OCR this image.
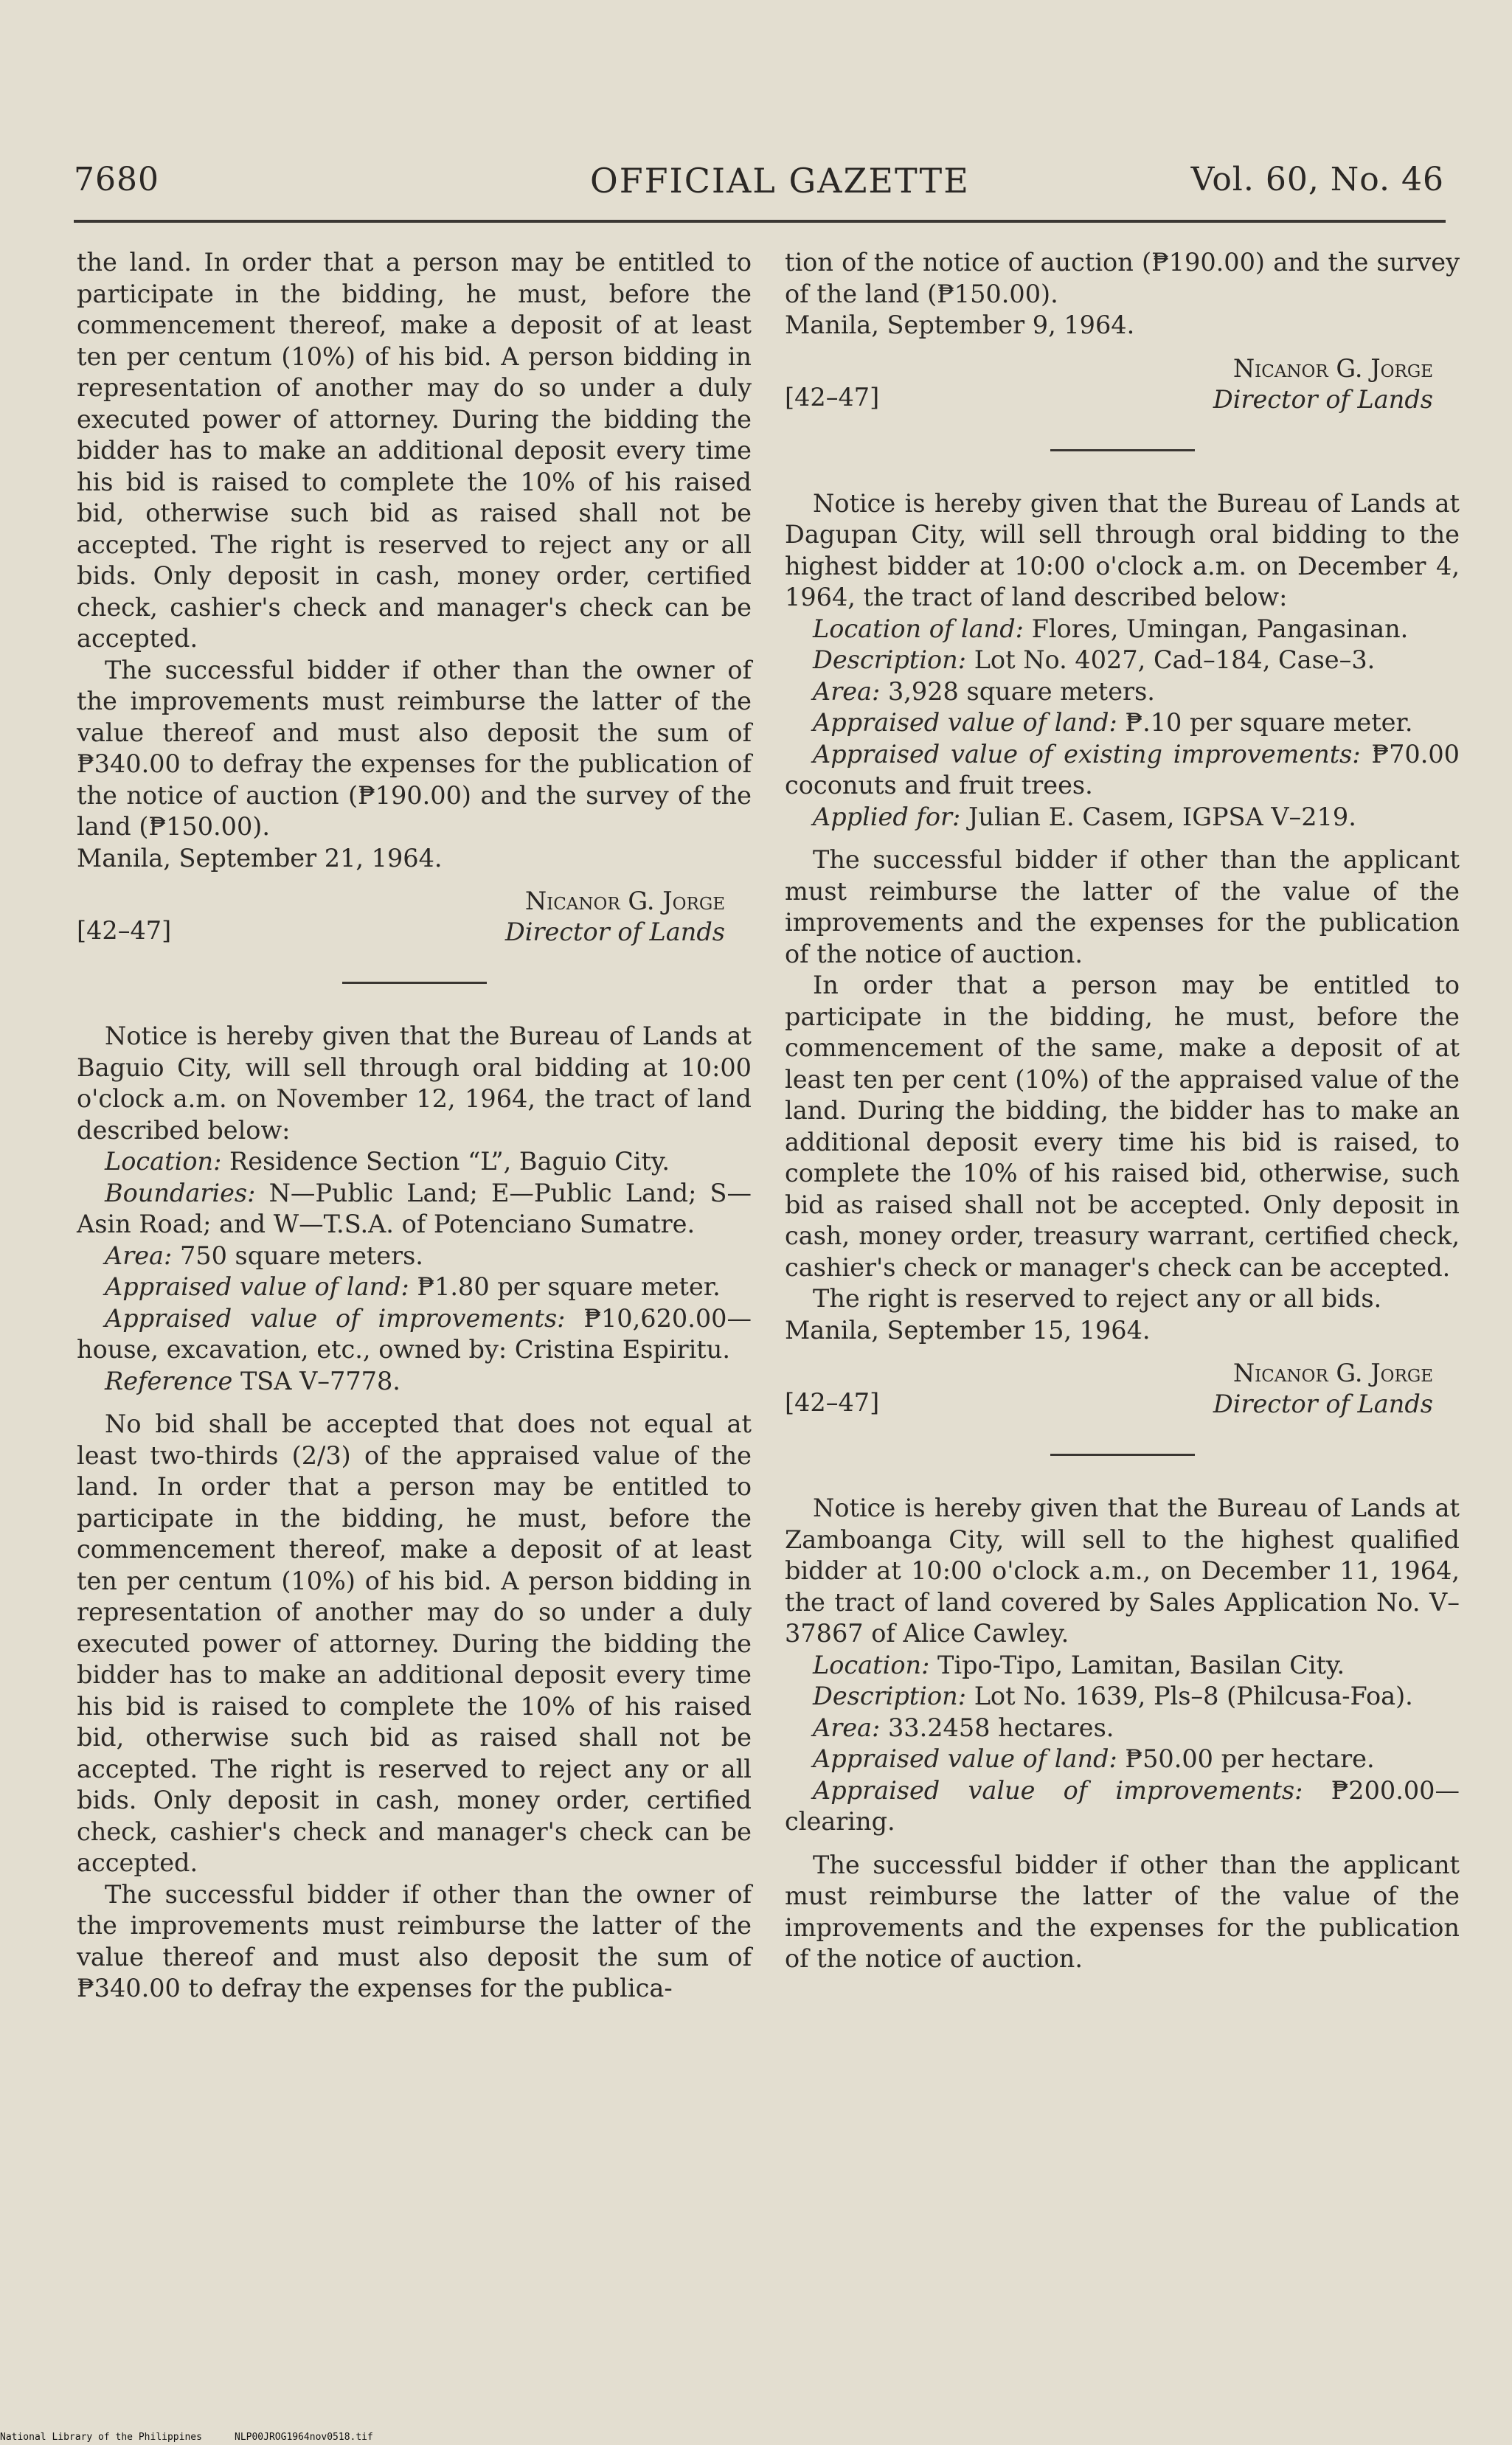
7680	OFFICIAL GAZETTE	Vol. 60, No. 46

the land. In order that a person may be entitled to participate in the bidding, he must, before the commencement thereof, make a deposit of at least ten per centum (10%) of his bid. A person bidding in representation of another may do so under a duly executed power of attorney. During the bidding the bidder has to make an additional deposit every time his bid is raised to complete the 10% of his raised bid, otherwise such bid as raised shall not be accepted. The right is reserved to reject any or all bids. Only deposit in cash, money order, certified check, cashier's check and manager's check can be accepted.

The successful bidder if other than the owner of the improvements must reimburse the latter of the value thereof and must also deposit the sum of ₱340.00 to defray the expenses for the publication of the notice of auction (₱190.00) and the survey of the land (₱150.00).

Manila, September 21, 1964.

[42–47]
Nicanor G. Jorge
Director of Lands

Notice is hereby given that the Bureau of Lands at Baguio City, will sell through oral bidding at 10:00 o'clock a.m. on November 12, 1964, the tract of land described below:

Location: Residence Section “L”, Baguio City.

Boundaries: N—Public Land; E—Public Land; S—Asin Road; and W—T.S.A. of Potenciano Sumatre.

Area: 750 square meters.

Appraised value of land: ₱1.80 per square meter.

Appraised value of improvements: ₱10,620.00—house, excavation, etc., owned by: Cristina Espiritu.

Reference TSA V–7778.

No bid shall be accepted that does not equal at least two-thirds (2/3) of the appraised value of the land. In order that a person may be entitled to participate in the bidding, he must, before the commencement thereof, make a deposit of at least ten per centum (10%) of his bid. A person bidding in representation of another may do so under a duly executed power of attorney. During the bidding the bidder has to make an additional deposit every time his bid is raised to complete the 10% of his raised bid, otherwise such bid as raised shall not be accepted. The right is reserved to reject any or all bids. Only deposit in cash, money order, certified check, cashier's check and manager's check can be accepted.

The successful bidder if other than the owner of the improvements must reimburse the latter of the value thereof and must also deposit the sum of ₱340.00 to defray the expenses for the publica-

tion of the notice of auction (₱190.00) and the survey of the land (₱150.00).

Manila, September 9, 1964.

[42–47]
Nicanor G. Jorge
Director of Lands

Notice is hereby given that the Bureau of Lands at Dagupan City, will sell through oral bidding to the highest bidder at 10:00 o'clock a.m. on December 4, 1964, the tract of land described below:

Location of land: Flores, Umingan, Pangasinan.

Description: Lot No. 4027, Cad–184, Case–3.

Area: 3,928 square meters.

Appraised value of land: ₱.10 per square meter.

Appraised value of existing improvements: ₱70.00 coconuts and fruit trees.

Applied for: Julian E. Casem, IGPSA V–219.

The successful bidder if other than the applicant must reimburse the latter of the value of the improvements and the expenses for the publication of the notice of auction.

In order that a person may be entitled to participate in the bidding, he must, before the commencement of the same, make a deposit of at least ten per cent (10%) of the appraised value of the land. During the bidding, the bidder has to make an additional deposit every time his bid is raised, to complete the 10% of his raised bid, otherwise, such bid as raised shall not be accepted. Only deposit in cash, money order, treasury warrant, certified check, cashier's check or manager's check can be accepted.

The right is reserved to reject any or all bids.

Manila, September 15, 1964.

[42–47]
Nicanor G. Jorge
Director of Lands

Notice is hereby given that the Bureau of Lands at Zamboanga City, will sell to the highest qualified bidder at 10:00 o'clock a.m., on December 11, 1964, the tract of land covered by Sales Application No. V–37867 of Alice Cawley.

Location: Tipo-Tipo, Lamitan, Basilan City.

Description: Lot No. 1639, Pls–8 (Philcusa-Foa).

Area: 33.2458 hectares.

Appraised value of land: ₱50.00 per hectare.

Appraised value of improvements: ₱200.00—clearing.

The successful bidder if other than the applicant must reimburse the latter of the value of the improvements and the expenses for the publication of the notice of auction.

National Library of the Philippines	NLP00JROG1964nov0518.tif
